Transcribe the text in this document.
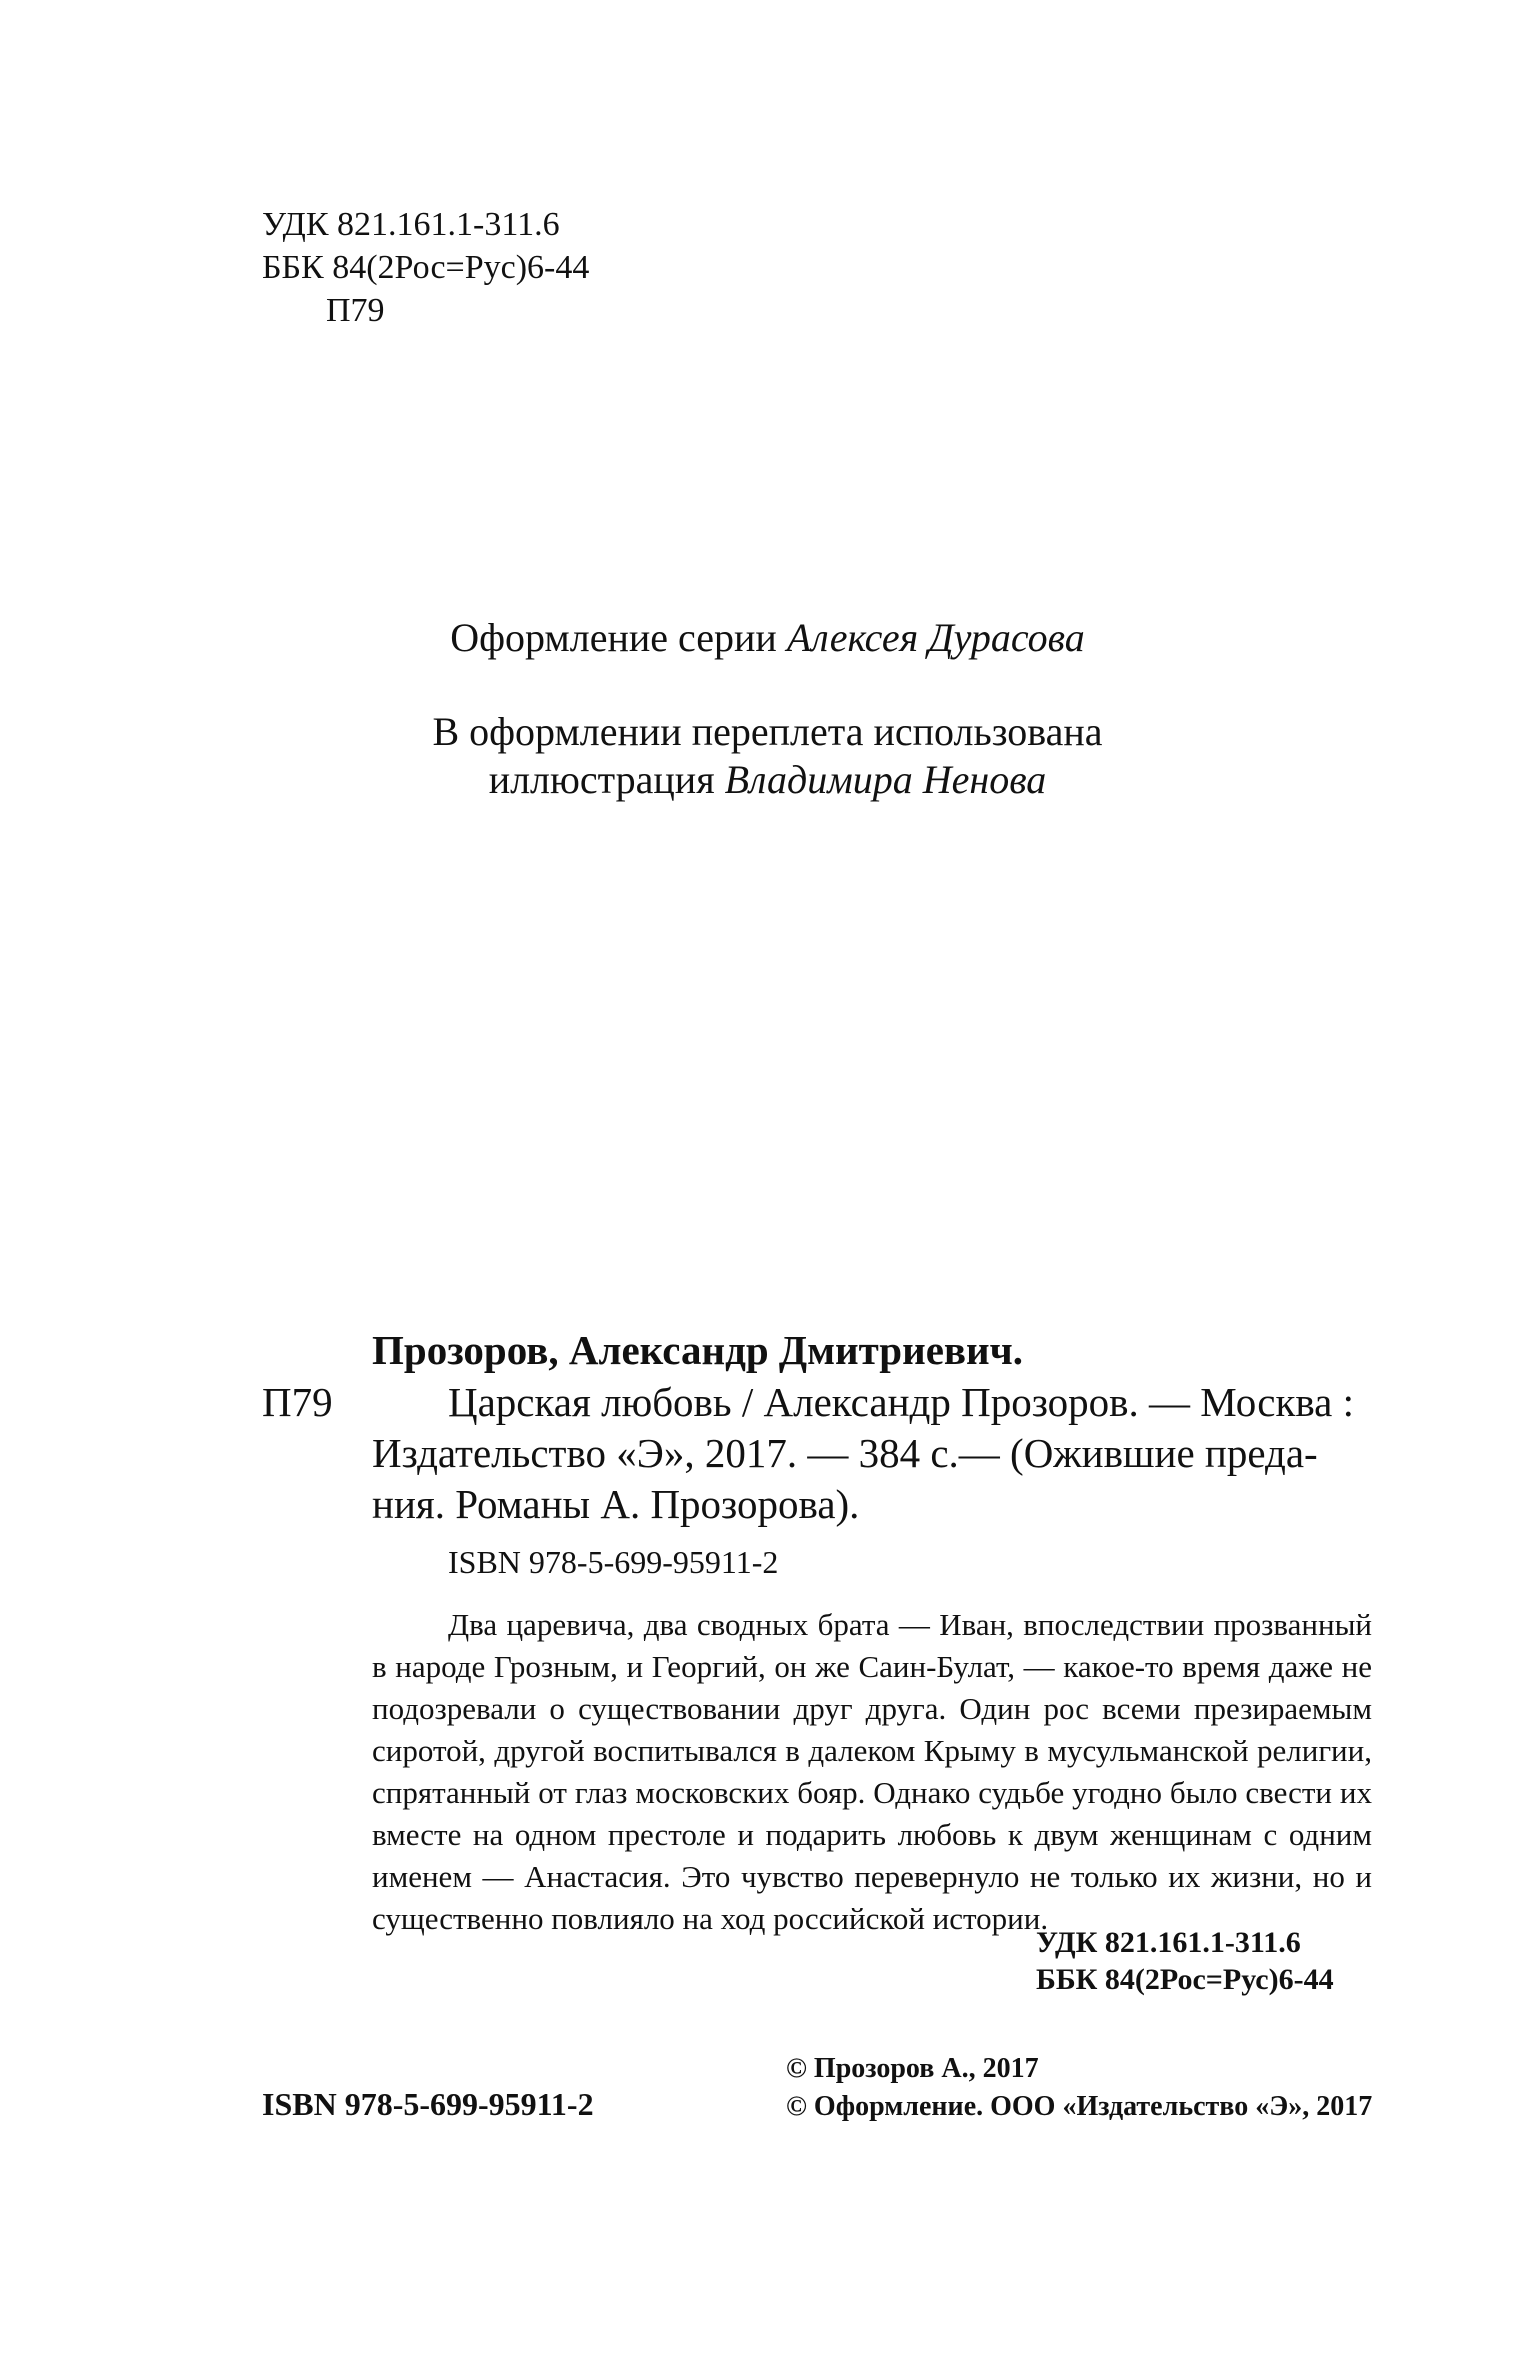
УДК 821.161.1-311.6
ББК 84(2Рос=Рус)6-44
П79
Оформление серии Алексея Дурасова
В оформлении переплета использована
иллюстрация Владимира Ненова
Прозоров, Александр Дмитриевич.
П79	Царская любовь / Александр Прозоров. — Москва :
Издательство «Э», 2017. — 384 с.— (Ожившие преда-
ния. Романы А. Прозорова).
ISBN 978-5-699-95911-2
Два царевича, два сводных брата — Иван, впоследствии прозванный в народе Грозным, и Георгий, он же Саин-Булат, — какое-то время даже не подозревали о существовании друг друга. Один рос всеми презираемым сиротой, другой воспитывался в далеком Крыму в мусульманской религии, спрятанный от глаз московских бояр. Однако судьбе угодно было свести их вместе на одном престоле и подарить любовь к двум женщинам с одним именем — Анастасия. Это чувство перевернуло не только их жизни, но и существенно повлияло на ход российской истории.
УДК 821.161.1-311.6
ББК 84(2Рос=Рус)6-44
ISBN 978-5-699-95911-2
© Прозоров А., 2017
© Оформление. ООО «Издательство «Э», 2017
